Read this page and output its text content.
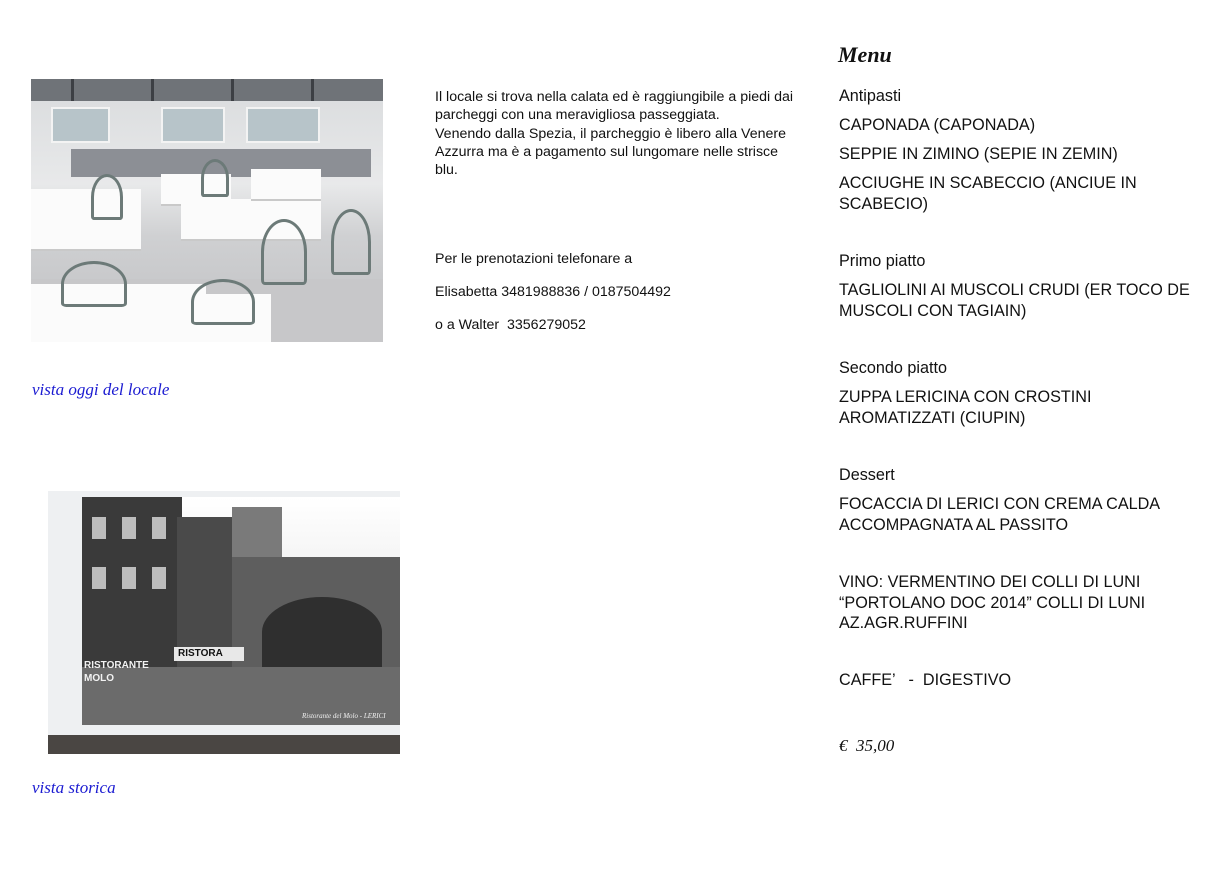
vista oggi del locale
RISTORA
RISTORANTE
MOLO
Ristorante del Molo - LERICI
vista storica
Il locale si trova nella calata ed è raggiungibile a piedi dai parcheggi con una meravigliosa passeggiata.
Venendo dalla Spezia, il parcheggio è libero alla Venere Azzurra ma è a pagamento sul lungomare nelle strisce blu.
Per le prenotazioni telefonare a
Elisabetta 3481988836 / 0187504492
o a Walter  3356279052
Menu
Antipasti
CAPONADA (CAPONADA)
SEPPIE IN ZIMINO (SEPIE IN ZEMIN)
ACCIUGHE IN SCABECCIO (ANCIUE IN SCABECIO)
Primo piatto
TAGLIOLINI AI MUSCOLI CRUDI (ER TOCO DE MUSCOLI CON TAGIAIN)
Secondo piatto
ZUPPA LERICINA CON CROSTINI AROMATIZZATI (CIUPIN)
Dessert
FOCACCIA DI LERICI CON CREMA CALDA ACCOMPAGNATA AL PASSITO
VINO: VERMENTINO DEI COLLI DI LUNI “PORTOLANO DOC 2014” COLLI DI LUNI AZ.AGR.RUFFINI
CAFFE’   -  DIGESTIVO
€  35,00
